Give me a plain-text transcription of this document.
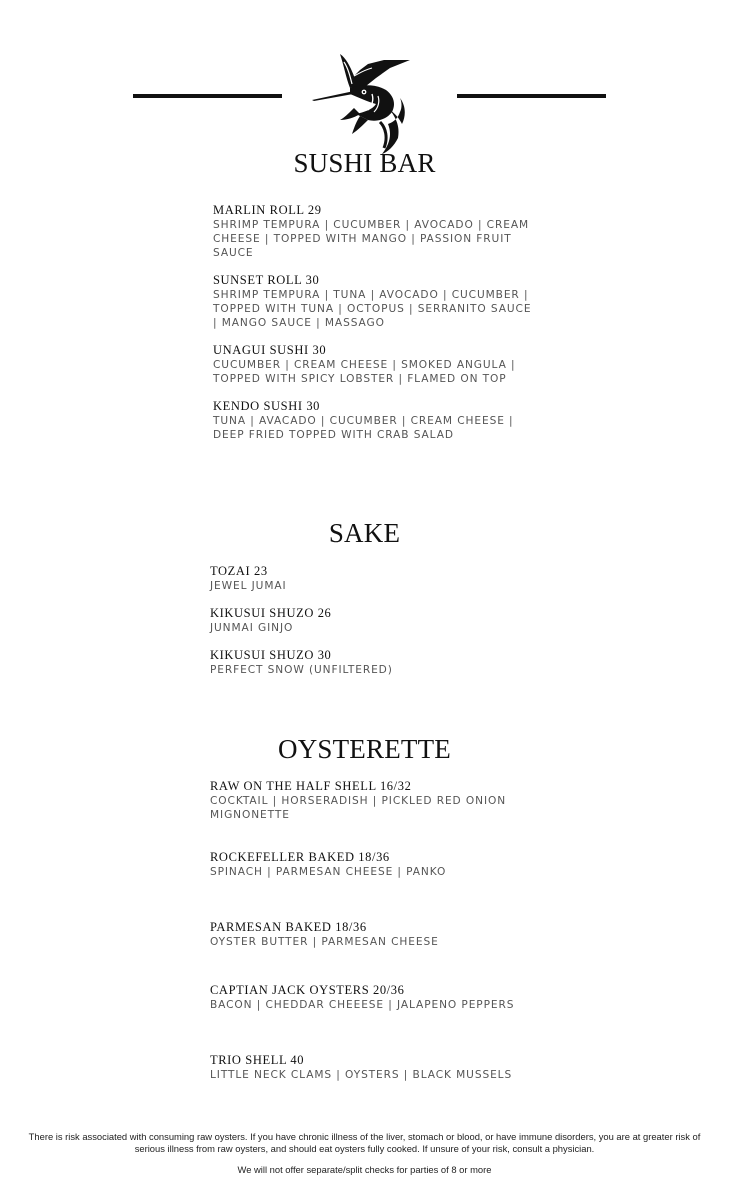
SUSHI BAR
MARLIN ROLL 29
SHRIMP TEMPURA | CUCUMBER | AVOCADO | CREAM CHEESE | TOPPED WITH MANGO | PASSION FRUIT SAUCE
SUNSET ROLL 30
SHRIMP TEMPURA | TUNA | AVOCADO | CUCUMBER | TOPPED WITH TUNA | OCTOPUS | SERRANITO SAUCE | MANGO SAUCE | MASSAGO
UNAGUI SUSHI 30
CUCUMBER | CREAM CHEESE | SMOKED ANGULA | TOPPED WITH SPICY LOBSTER | FLAMED ON TOP
KENDO SUSHI 30
TUNA | AVACADO | CUCUMBER | CREAM CHEESE | DEEP FRIED TOPPED WITH CRAB SALAD
SAKE
TOZAI 23
JEWEL JUMAI
KIKUSUI SHUZO 26
JUNMAI GINJO
KIKUSUI SHUZO 30
PERFECT SNOW (UNFILTERED)
OYSTERETTE
RAW ON THE HALF SHELL 16/32
COCKTAIL | HORSERADISH | PICKLED RED ONION MIGNONETTE
ROCKEFELLER BAKED 18/36
SPINACH | PARMESAN CHEESE | PANKO
PARMESAN BAKED 18/36
OYSTER BUTTER | PARMESAN CHEESE
CAPTIAN JACK OYSTERS 20/36
BACON | CHEDDAR CHEEESE | JALAPENO PEPPERS
TRIO SHELL 40
LITTLE NECK CLAMS | OYSTERS | BLACK MUSSELS
There is risk associated with consuming raw oysters. If you have chronic illness of the liver, stomach or blood, or have immune disorders, you are at greater risk of serious illness from raw oysters, and should eat oysters fully cooked. If unsure of your risk, consult a physician.
We will not offer separate/split checks for parties of 8 or more
